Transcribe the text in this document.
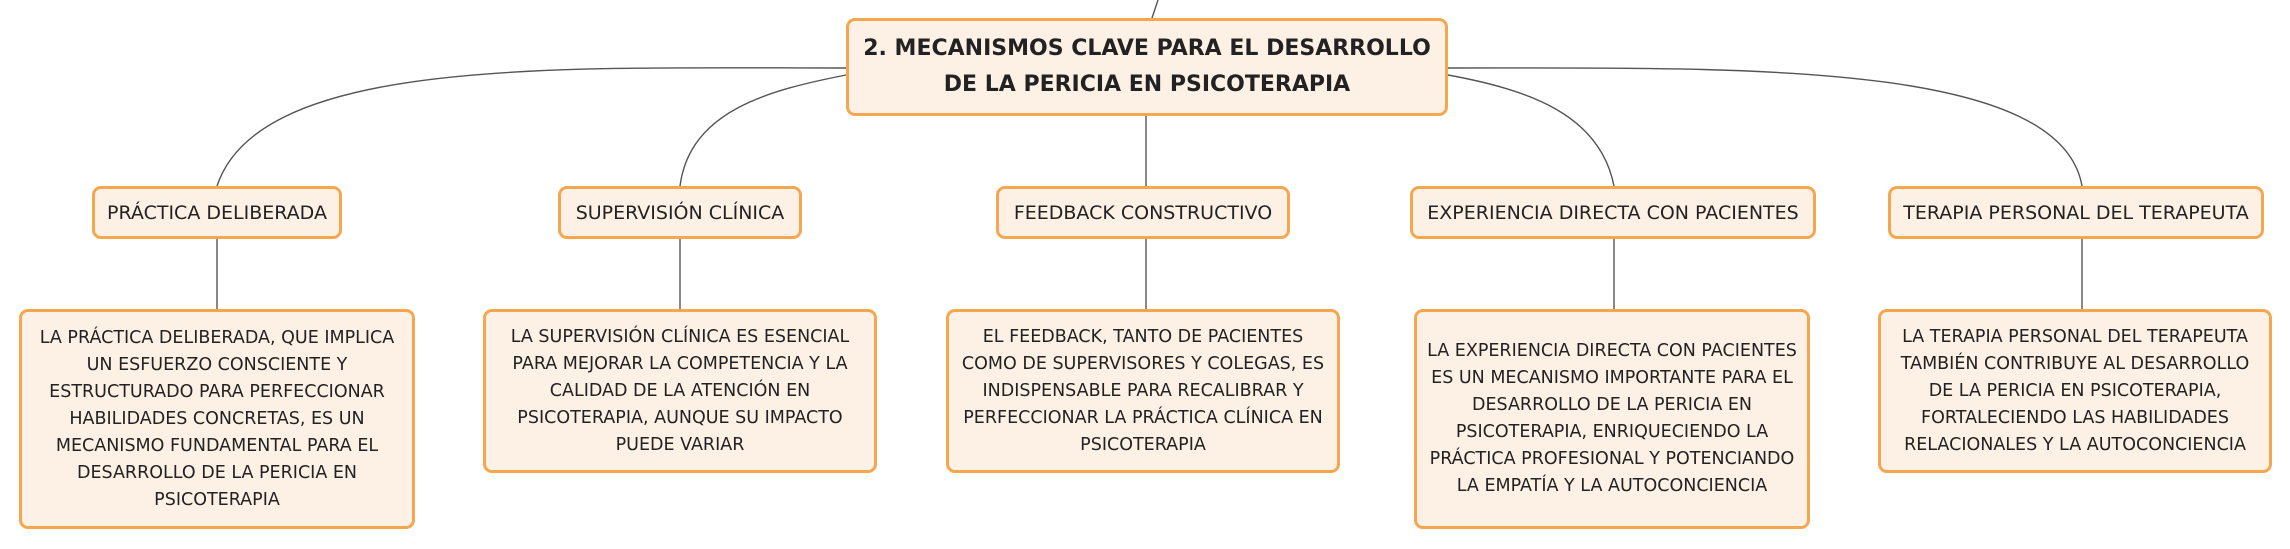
2. MECANISMOS CLAVE PARA EL DESARROLLO DE LA PERICIA EN PSICOTERAPIA
PRÁCTICA DELIBERADA	SUPERVISIÓN CLÍNICA	FEEDBACK CONSTRUCTIVO	EXPERIENCIA DIRECTA CON PACIENTES	TERAPIA PERSONAL DEL TERAPEUTA
LA PRÁCTICA DELIBERADA, QUE IMPLICA UN ESFUERZO CONSCIENTE Y ESTRUCTURADO PARA PERFECCIONAR HABILIDADES CONCRETAS, ES UN MECANISMO FUNDAMENTAL PARA EL DESARROLLO DE LA PERICIA EN PSICOTERAPIA
LA SUPERVISIÓN CLÍNICA ES ESENCIAL PARA MEJORAR LA COMPETENCIA Y LA CALIDAD DE LA ATENCIÓN EN PSICOTERAPIA, AUNQUE SU IMPACTO PUEDE VARIAR
EL FEEDBACK, TANTO DE PACIENTES COMO DE SUPERVISORES Y COLEGAS, ES INDISPENSABLE PARA RECALIBRAR Y PERFECCIONAR LA PRÁCTICA CLÍNICA EN PSICOTERAPIA
LA EXPERIENCIA DIRECTA CON PACIENTES ES UN MECANISMO IMPORTANTE PARA EL DESARROLLO DE LA PERICIA EN PSICOTERAPIA, ENRIQUECIENDO LA PRÁCTICA PROFESIONAL Y POTENCIANDO LA EMPATÍA Y LA AUTOCONCIENCIA
LA TERAPIA PERSONAL DEL TERAPEUTA TAMBIÉN CONTRIBUYE AL DESARROLLO DE LA PERICIA EN PSICOTERAPIA, FORTALECIENDO LAS HABILIDADES RELACIONALES Y LA AUTOCONCIENCIA
